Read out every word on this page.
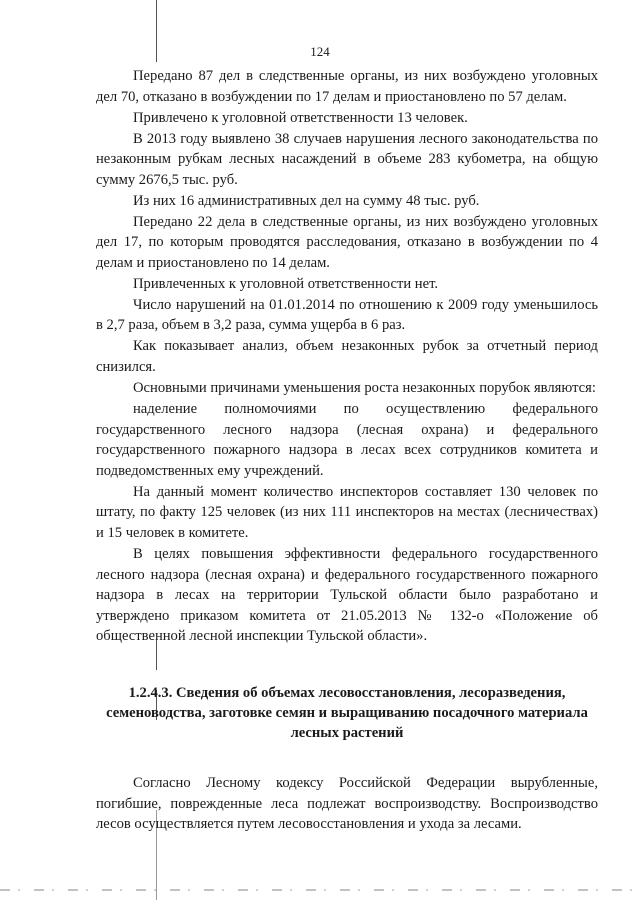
124

Передано 87 дел в следственные органы, из них возбуждено уголовных дел 70, отказано в возбуждении по 17 делам и приостановлено по 57 делам.

Привлечено к уголовной ответственности 13 человек.

В 2013 году выявлено 38 случаев нарушения лесного законодательства по незаконным рубкам лесных насаждений в объеме 283 кубометра, на общую сумму 2676,5 тыс. руб.

Из них 16 административных дел на сумму 48 тыс. руб.

Передано 22 дела в следственные органы, из них возбуждено уголовных дел 17, по которым проводятся расследования, отказано в возбуждении по 4 делам и приостановлено по 14 делам.

Привлеченных к уголовной ответственности нет.

Число нарушений на 01.01.2014 по отношению к 2009 году уменьшилось в 2,7 раза, объем в 3,2 раза, сумма ущерба в 6 раз.

Как показывает анализ, объем незаконных рубок за отчетный период снизился.

Основными причинами уменьшения роста незаконных порубок являются:

наделение полномочиями по осуществлению федерального государственного лесного надзора (лесная охрана) и федерального государственного пожарного надзора в лесах всех сотрудников комитета и подведомственных ему учреждений.

На данный момент количество инспекторов составляет 130 человек по штату, по факту 125 человек (из них 111 инспекторов на местах (лесничествах) и 15 человек в комитете.

В целях повышения эффективности федерального государственного лесного надзора (лесная охрана) и федерального государственного пожарного надзора в лесах на территории Тульской области было разработано и утверждено приказом комитета от 21.05.2013 № 132-о «Положение об общественной лесной инспекции Тульской области».

1.2.4.3. Сведения об объемах лесовосстановления, лесоразведения, семеноводства, заготовке семян и выращиванию посадочного материала лесных растений

Согласно Лесному кодексу Российской Федерации вырубленные, погибшие, поврежденные леса подлежат воспроизводству. Воспроизводство лесов осуществляется путем лесовосстановления и ухода за лесами.
